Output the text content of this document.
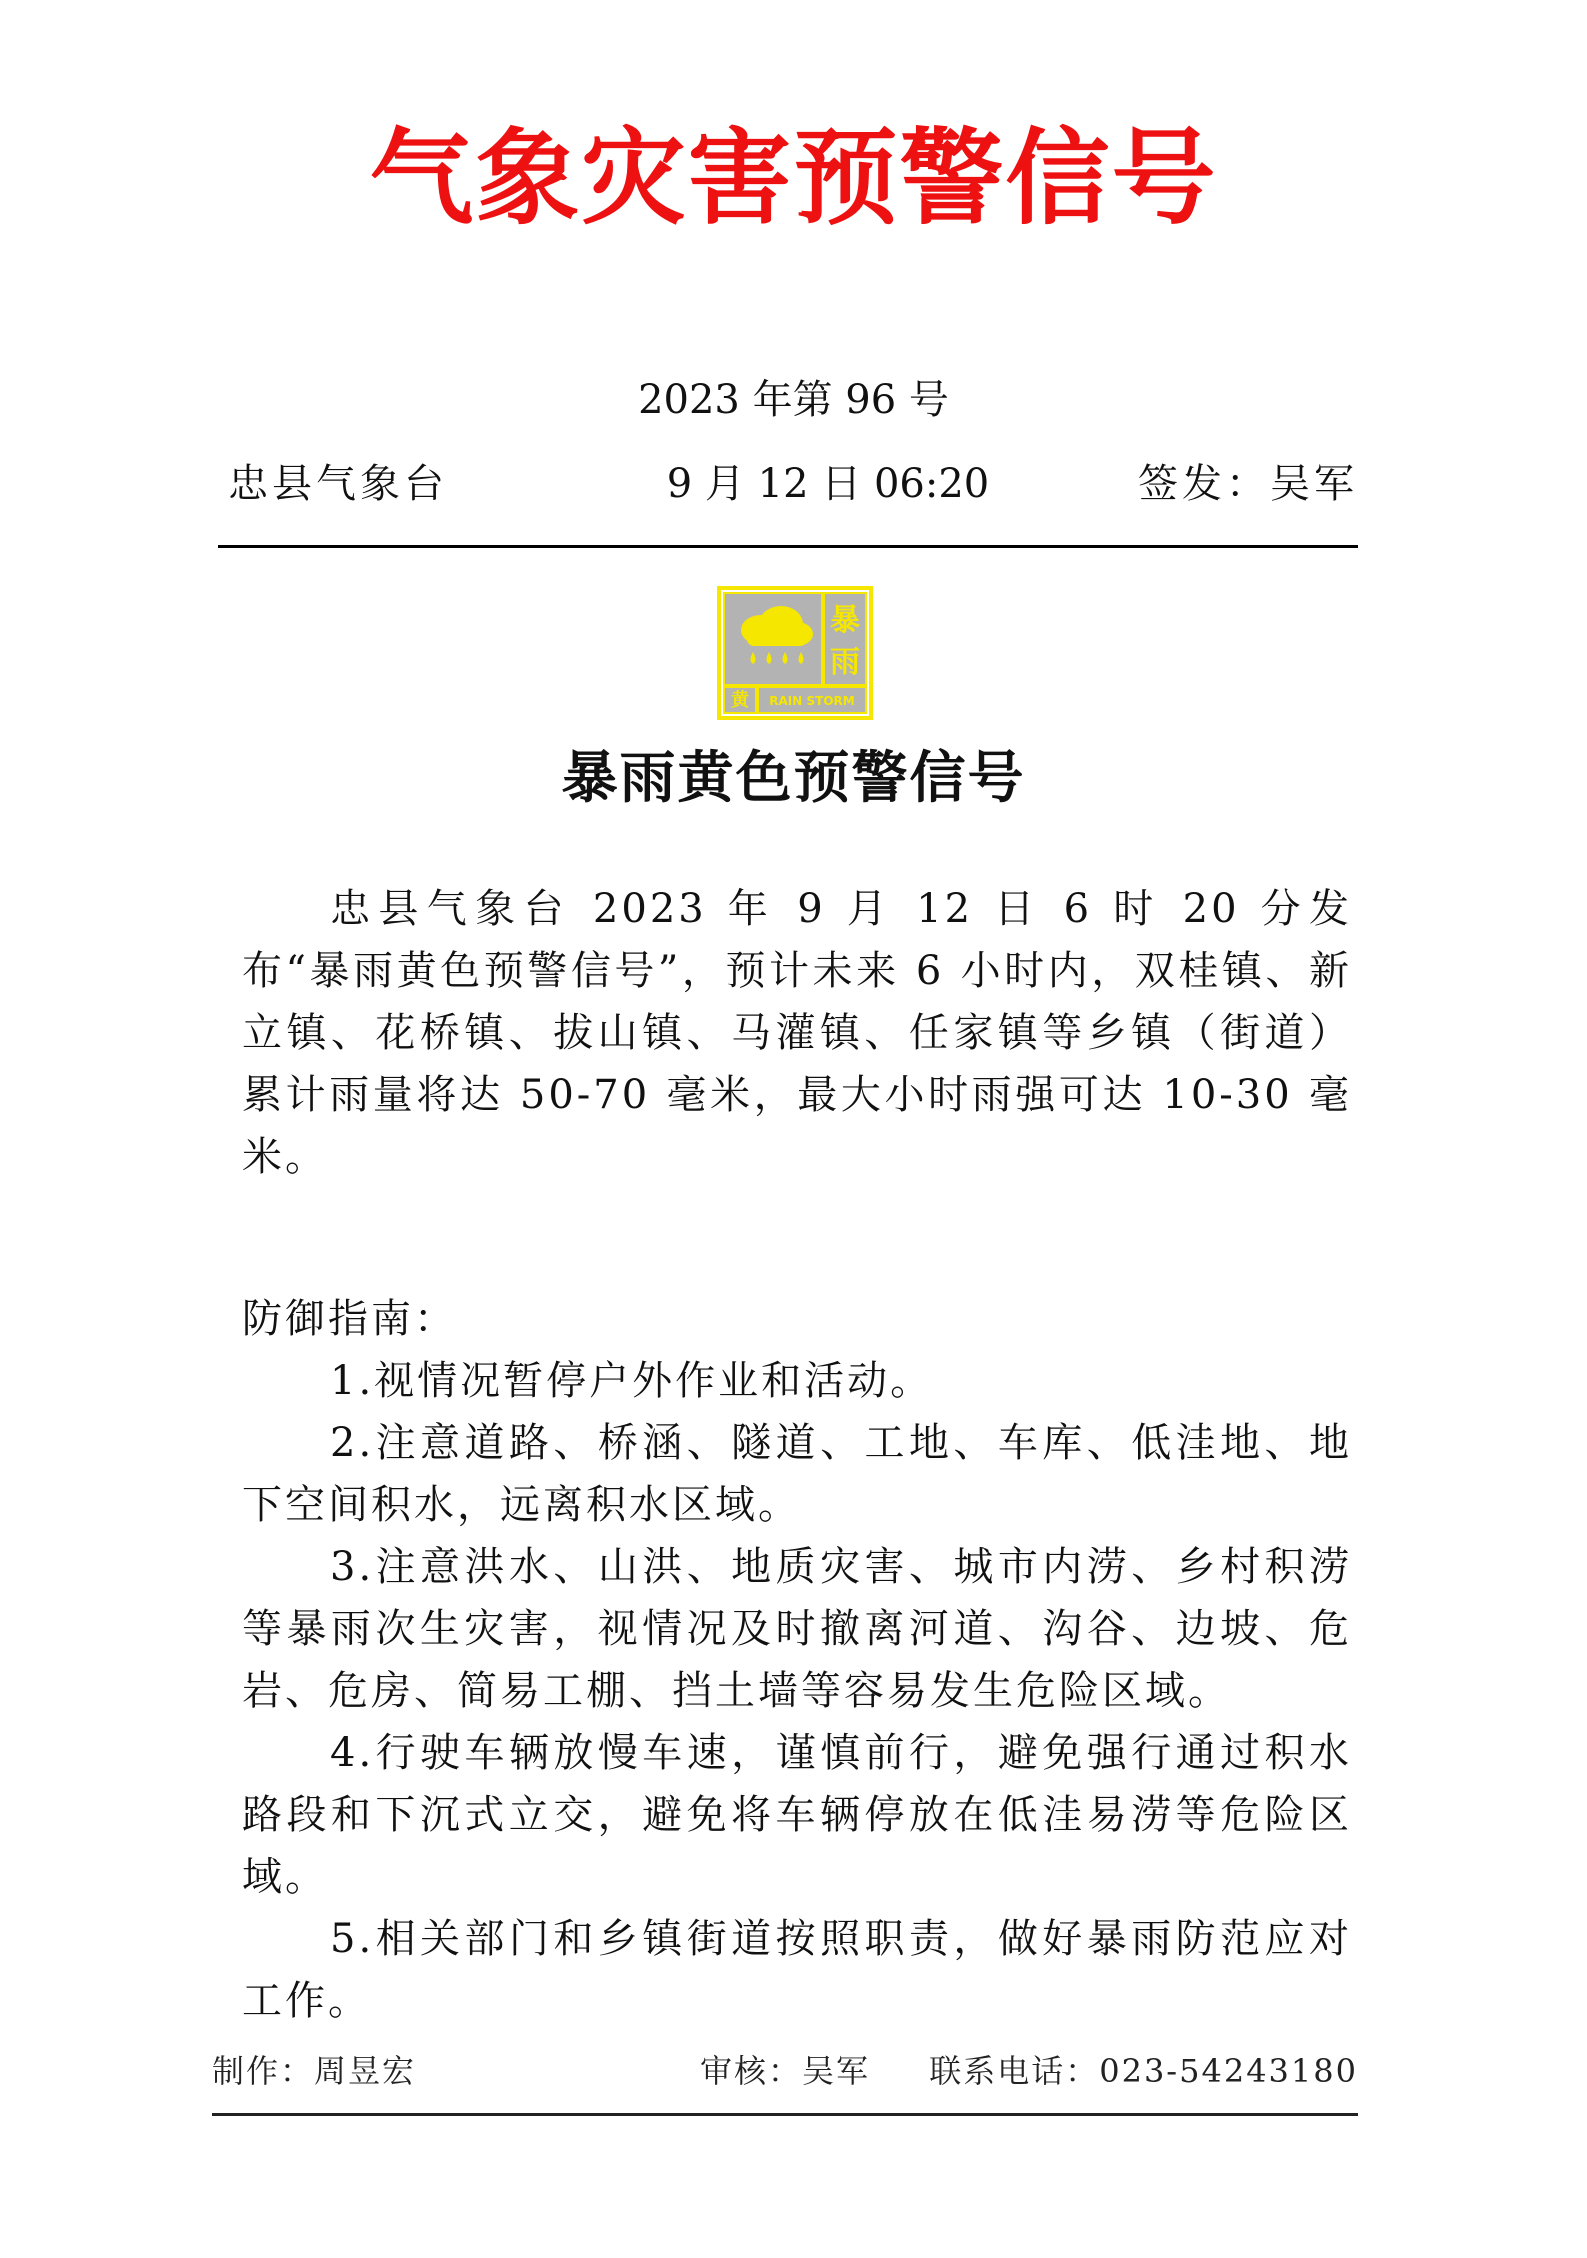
气象灾害预警信号
2023 年第 96 号
忠县气象台	9 月 12 日 06:20	签发：吴军
暴
雨
黄 RAIN STORM
暴雨黄色预警信号

忠县气象台 2023 年 9 月 12 日 6 时 20 分发布“暴雨黄色预警信号”，预计未来 6 小时内，双桂镇、新立镇、花桥镇、拔山镇、马灌镇、任家镇等乡镇（街道）累计雨量将达 50-70 毫米，最大小时雨强可达 10-30 毫米。

防御指南：

1.视情况暂停户外作业和活动。

2.注意道路、桥涵、隧道、工地、车库、低洼地、地下空间积水，远离积水区域。

3.注意洪水、山洪、地质灾害、城市内涝、乡村积涝等暴雨次生灾害，视情况及时撤离河道、沟谷、边坡、危岩、危房、简易工棚、挡土墙等容易发生危险区域。

4.行驶车辆放慢车速，谨慎前行，避免强行通过积水路段和下沉式立交，避免将车辆停放在低洼易涝等危险区域。

5.相关部门和乡镇街道按照职责，做好暴雨防范应对工作。

制作：周昱宏	审核：吴军 联系电话：023-54243180
